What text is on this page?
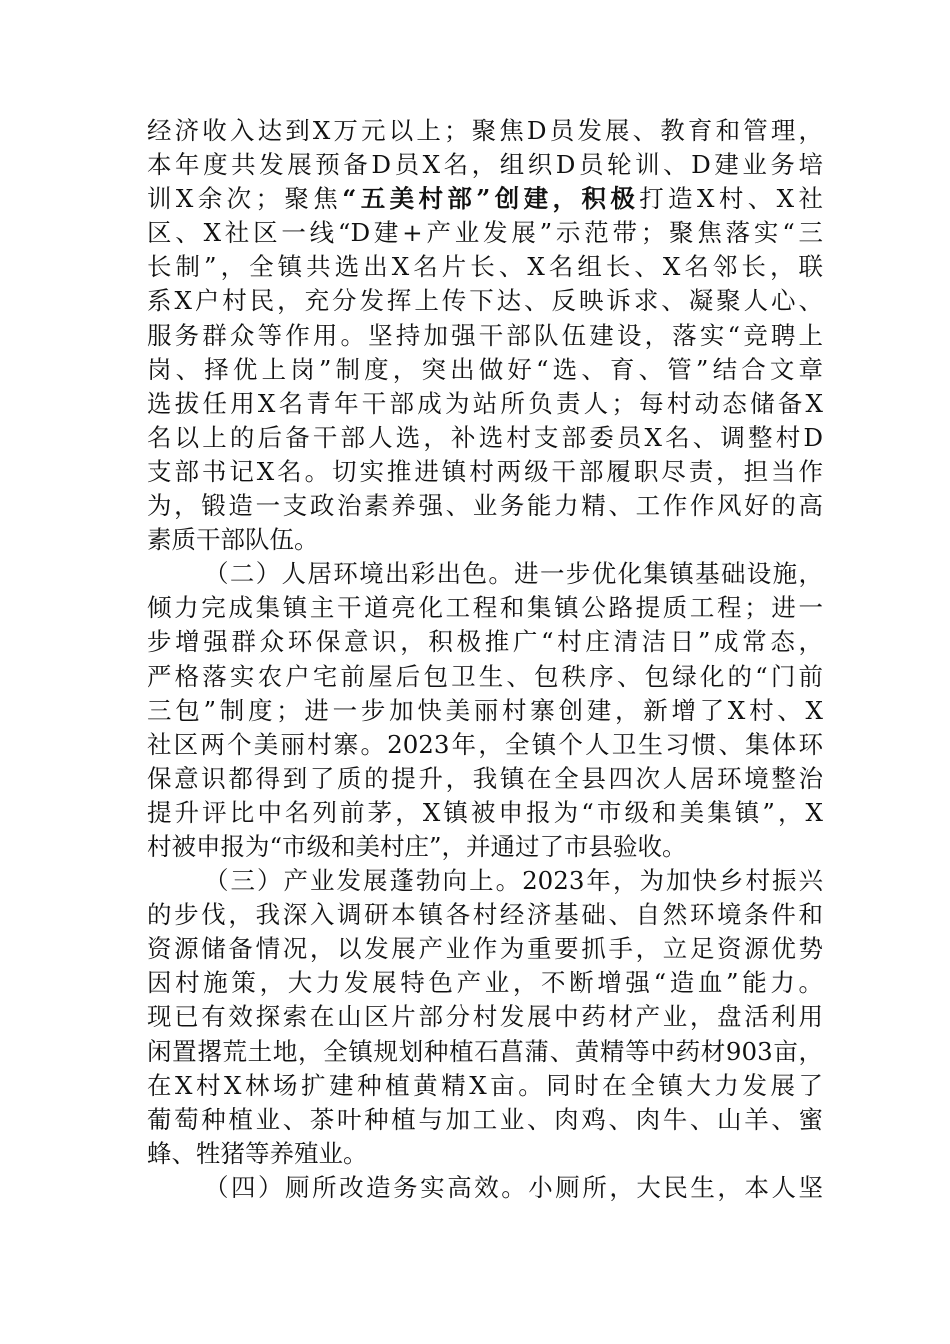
经济收入达到X万元以上；聚焦D员发展、教育和管理，
本年度共发展预备D员X名，组织D员轮训、D建业务培
训X余次；聚焦“五美村部”创建，积极打造X村、X社
区、X社区一线“D建+产业发展”示范带；聚焦落实“三
长制”，全镇共选出X名片长、X名组长、X名邻长，联
系X户村民，充分发挥上传下达、反映诉求、凝聚人心、
服务群众等作用。坚持加强干部队伍建设，落实“竞聘上
岗、择优上岗”制度，突出做好“选、育、管”结合文章
选拔任用X名青年干部成为站所负责人；每村动态储备X
名以上的后备干部人选，补选村支部委员X名、调整村D
支部书记X名。切实推进镇村两级干部履职尽责，担当作
为，锻造一支政治素养强、业务能力精、工作作风好的高
素质干部队伍。
（二）人居环境出彩出色。进一步优化集镇基础设施，
倾力完成集镇主干道亮化工程和集镇公路提质工程；进一
步增强群众环保意识，积极推广“村庄清洁日”成常态，
严格落实农户宅前屋后包卫生、包秩序、包绿化的“门前
三包”制度；进一步加快美丽村寨创建，新增了X村、X
社区两个美丽村寨。2023年，全镇个人卫生习惯、集体环
保意识都得到了质的提升，我镇在全县四次人居环境整治
提升评比中名列前茅，X镇被申报为“市级和美集镇”，X
村被申报为“市级和美村庄”，并通过了市县验收。
（三）产业发展蓬勃向上。2023年，为加快乡村振兴
的步伐，我深入调研本镇各村经济基础、自然环境条件和
资源储备情况，以发展产业作为重要抓手，立足资源优势
因村施策，大力发展特色产业，不断增强“造血”能力。
现已有效探索在山区片部分村发展中药材产业，盘活利用
闲置撂荒土地，全镇规划种植石菖蒲、黄精等中药材903亩，
在X村X林场扩建种植黄精X亩。同时在全镇大力发展了
葡萄种植业、茶叶种植与加工业、肉鸡、肉牛、山羊、蜜
蜂、牲猪等养殖业。
（四）厕所改造务实高效。小厕所，大民生，本人坚
